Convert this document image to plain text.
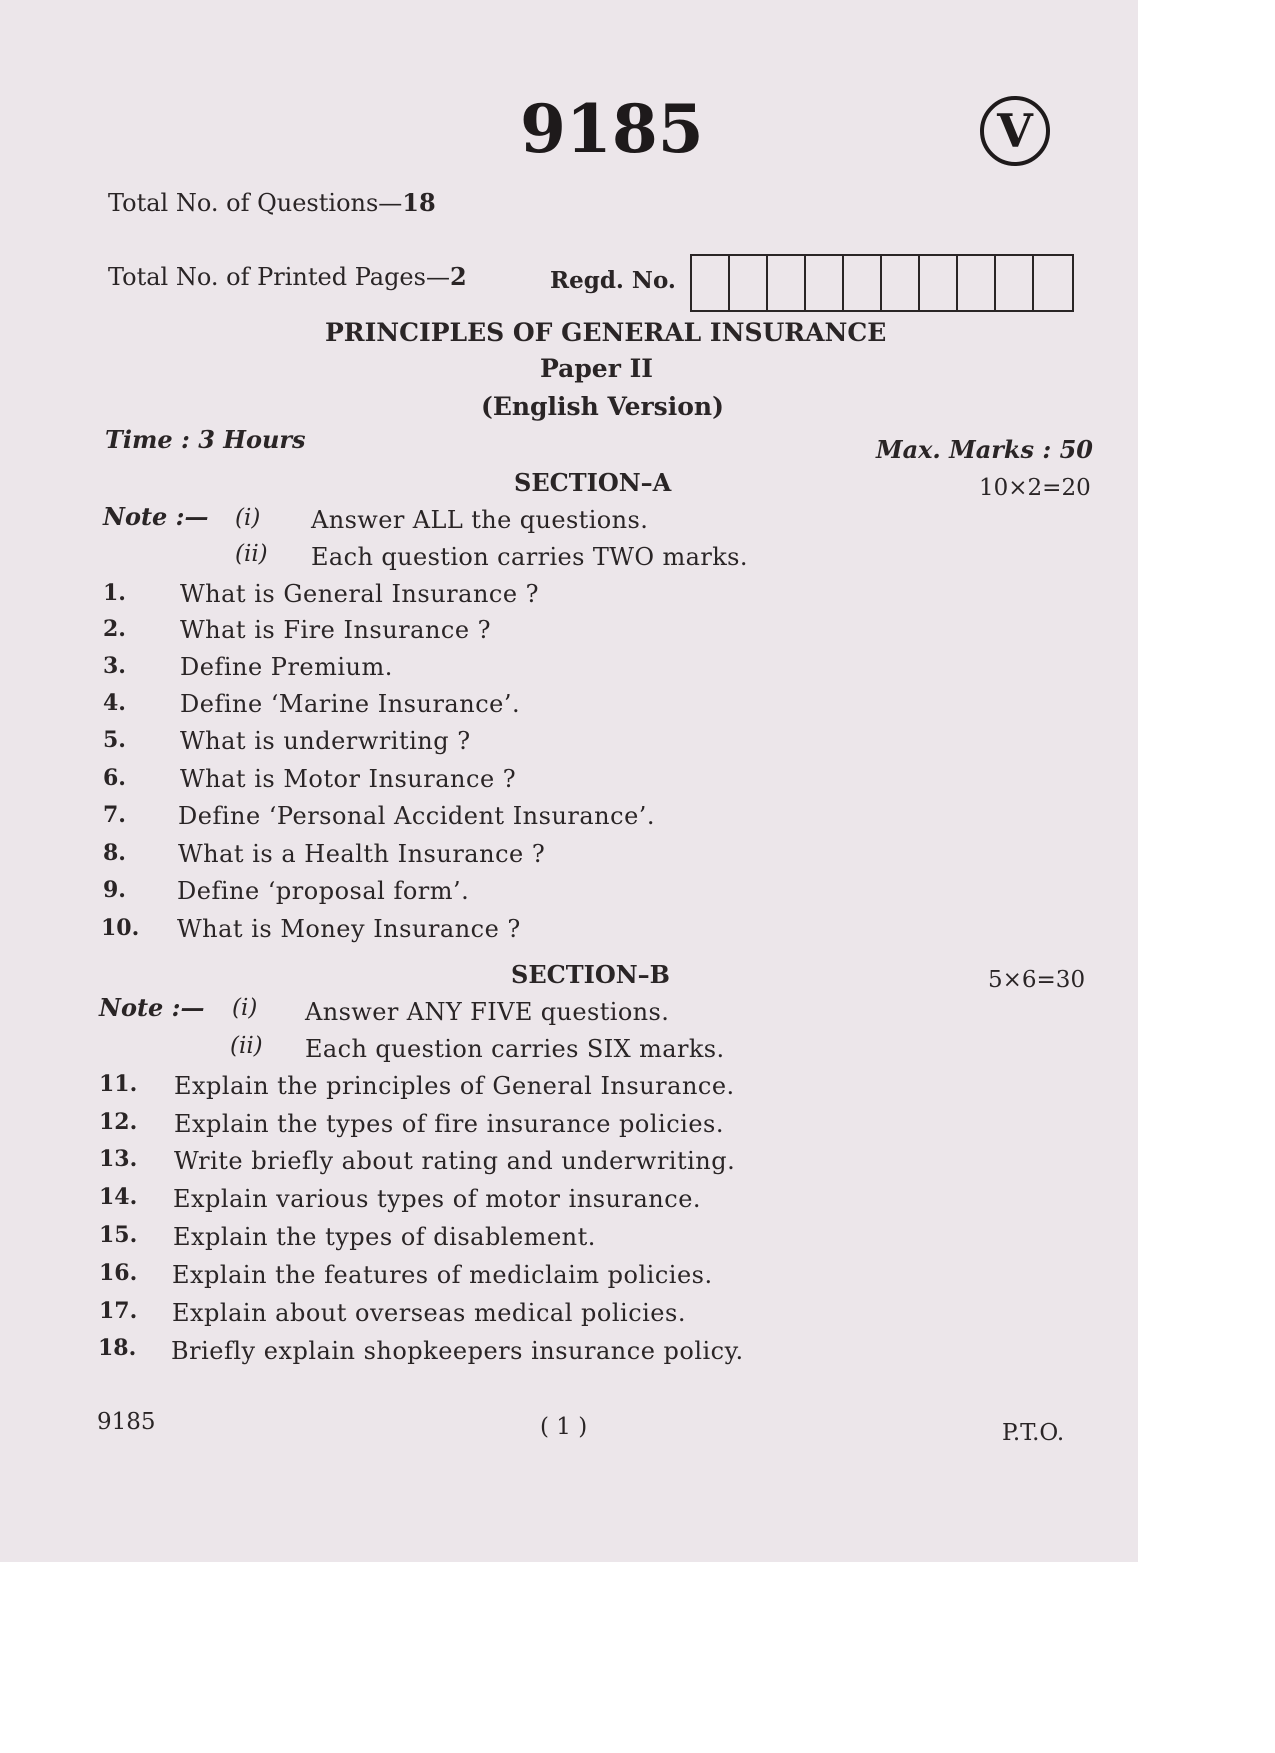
9185	V
Total No. of Questions—18
Total No. of Printed Pages—2	Regd. No.
PRINCIPLES OF GENERAL INSURANCE
Paper II
(English Version)
Time : 3 Hours	Max. Marks : 50
SECTION–A	10×2=20
Note :— (i) Answer ALL the questions.
(ii) Each question carries TWO marks.
1. What is General Insurance ?
2. What is Fire Insurance ?
3. Define Premium.
4. Define ‘Marine Insurance’.
5. What is underwriting ?
6. What is Motor Insurance ?
7. Define ‘Personal Accident Insurance’.
8. What is a Health Insurance ?
9. Define ‘proposal form’.
10. What is Money Insurance ?
SECTION–B	5×6=30
Note :— (i) Answer ANY FIVE questions.
(ii) Each question carries SIX marks.
11. Explain the principles of General Insurance.
12. Explain the types of fire insurance policies.
13. Write briefly about rating and underwriting.
14. Explain various types of motor insurance.
15. Explain the types of disablement.
16. Explain the features of mediclaim policies.
17. Explain about overseas medical policies.
18. Briefly explain shopkeepers insurance policy.
9185	( 1 )	P.T.O.
